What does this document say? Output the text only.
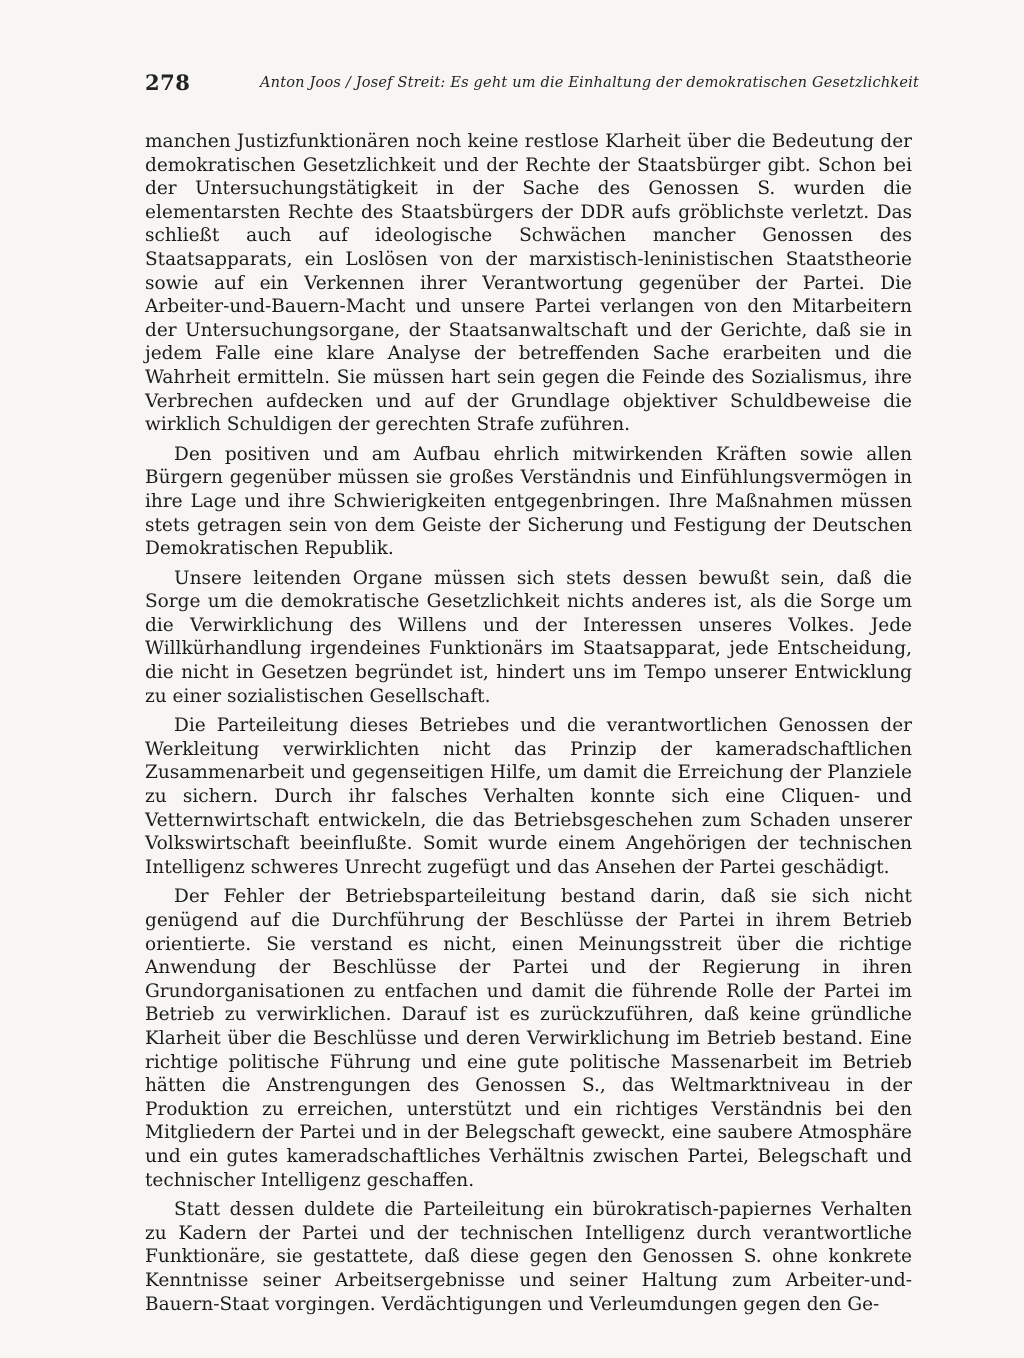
278	Anton Joos / Josef Streit: Es geht um die Einhaltung der demokratischen Gesetzlichkeit

manchen Justizfunktionären noch keine restlose Klarheit über die Bedeutung der demokratischen Gesetzlichkeit und der Rechte der Staatsbürger gibt. Schon bei der Untersuchungstätigkeit in der Sache des Genossen S. wurden die elementarsten Rechte des Staatsbürgers der DDR aufs gröblichste verletzt. Das schließt auch auf ideologische Schwächen mancher Genossen des Staatsapparats, ein Loslösen von der marxistisch-leninistischen Staatstheorie sowie auf ein Verkennen ihrer Verantwortung gegenüber der Partei. Die Arbeiter-und-Bauern-Macht und unsere Partei verlangen von den Mitarbeitern der Untersuchungsorgane, der Staatsanwaltschaft und der Gerichte, daß sie in jedem Falle eine klare Analyse der betreffenden Sache erarbeiten und die Wahrheit ermitteln. Sie müssen hart sein gegen die Feinde des Sozialismus, ihre Verbrechen aufdecken und auf der Grundlage objektiver Schuldbeweise die wirklich Schuldigen der gerechten Strafe zuführen.

Den positiven und am Aufbau ehrlich mitwirkenden Kräften sowie allen Bürgern gegenüber müssen sie großes Verständnis und Einfühlungsvermögen in ihre Lage und ihre Schwierigkeiten entgegenbringen. Ihre Maßnahmen müssen stets getragen sein von dem Geiste der Sicherung und Festigung der Deutschen Demokratischen Republik.

Unsere leitenden Organe müssen sich stets dessen bewußt sein, daß die Sorge um die demokratische Gesetzlichkeit nichts anderes ist, als die Sorge um die Verwirklichung des Willens und der Interessen unseres Volkes. Jede Willkürhandlung irgendeines Funktionärs im Staatsapparat, jede Entscheidung, die nicht in Gesetzen begründet ist, hindert uns im Tempo unserer Entwicklung zu einer sozialistischen Gesellschaft.

Die Parteileitung dieses Betriebes und die verantwortlichen Genossen der Werkleitung verwirklichten nicht das Prinzip der kameradschaftlichen Zusammenarbeit und gegenseitigen Hilfe, um damit die Erreichung der Planziele zu sichern. Durch ihr falsches Verhalten konnte sich eine Cliquen- und Vetternwirtschaft entwickeln, die das Betriebsgeschehen zum Schaden unserer Volkswirtschaft beeinflußte. Somit wurde einem Angehörigen der technischen Intelligenz schweres Unrecht zugefügt und das Ansehen der Partei geschädigt.

Der Fehler der Betriebsparteileitung bestand darin, daß sie sich nicht genügend auf die Durchführung der Beschlüsse der Partei in ihrem Betrieb orientierte. Sie verstand es nicht, einen Meinungsstreit über die richtige Anwendung der Beschlüsse der Partei und der Regierung in ihren Grundorganisationen zu entfachen und damit die führende Rolle der Partei im Betrieb zu verwirklichen. Darauf ist es zurückzuführen, daß keine gründliche Klarheit über die Beschlüsse und deren Verwirklichung im Betrieb bestand. Eine richtige politische Führung und eine gute politische Massenarbeit im Betrieb hätten die Anstrengungen des Genossen S., das Weltmarktniveau in der Produktion zu erreichen, unterstützt und ein richtiges Verständnis bei den Mitgliedern der Partei und in der Belegschaft geweckt, eine saubere Atmosphäre und ein gutes kameradschaftliches Verhältnis zwischen Partei, Belegschaft und technischer Intelligenz geschaffen.

Statt dessen duldete die Parteileitung ein bürokratisch-papiernes Verhalten zu Kadern der Partei und der technischen Intelligenz durch verantwortliche Funktionäre, sie gestattete, daß diese gegen den Genossen S. ohne konkrete Kenntnisse seiner Arbeitsergebnisse und seiner Haltung zum Arbeiter-und-Bauern-Staat vorgingen. Verdächtigungen und Verleumdungen gegen den Ge-
